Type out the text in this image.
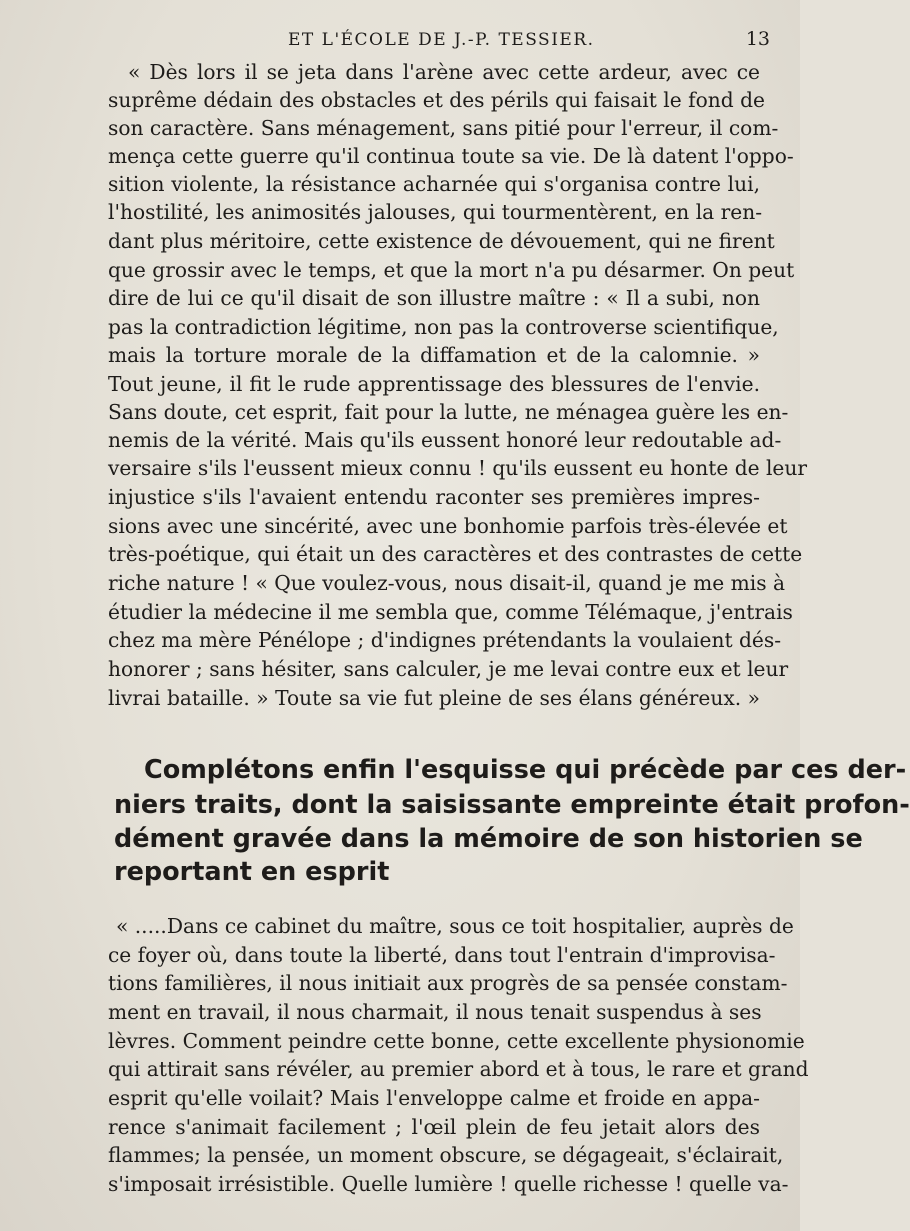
ET L'ÉCOLE DE J.-P. TESSIER.	13
« Dès lors il se jeta dans l'arène avec cette ardeur, avec ce
suprême dédain des obstacles et des périls qui faisait le fond de
son caractère. Sans ménagement, sans pitié pour l'erreur, il com-
mença cette guerre qu'il continua toute sa vie. De là datent l'oppo-
sition violente, la résistance acharnée qui s'organisa contre lui,
l'hostilité, les animosités jalouses, qui tourmentèrent, en la ren-
dant plus méritoire, cette existence de dévouement, qui ne firent
que grossir avec le temps, et que la mort n'a pu désarmer. On peut
dire de lui ce qu'il disait de son illustre maître : « Il a subi, non
pas la contradiction légitime, non pas la controverse scientifique,
mais la torture morale de la diffamation et de la calomnie. »
Tout jeune, il fit le rude apprentissage des blessures de l'envie.
Sans doute, cet esprit, fait pour la lutte, ne ménagea guère les en-
nemis de la vérité. Mais qu'ils eussent honoré leur redoutable ad-
versaire s'ils l'eussent mieux connu ! qu'ils eussent eu honte de leur
injustice s'ils l'avaient entendu raconter ses premières impres-
sions avec une sincérité, avec une bonhomie parfois très-élevée et
très-poétique, qui était un des caractères et des contrastes de cette
riche nature ! « Que voulez-vous, nous disait-il, quand je me mis à
étudier la médecine il me sembla que, comme Télémaque, j'entrais
chez ma mère Pénélope ; d'indignes prétendants la voulaient dés-
honorer ; sans hésiter, sans calculer, je me levai contre eux et leur
livrai bataille. » Toute sa vie fut pleine de ses élans généreux. »
Complétons enfin l'esquisse qui précède par ces der-
niers traits, dont la saisissante empreinte était profon-
dément gravée dans la mémoire de son historien se
reportant en esprit
« .....Dans ce cabinet du maître, sous ce toit hospitalier, auprès de
ce foyer où, dans toute la liberté, dans tout l'entrain d'improvisa-
tions familières, il nous initiait aux progrès de sa pensée constam-
ment en travail, il nous charmait, il nous tenait suspendus à ses
lèvres. Comment peindre cette bonne, cette excellente physionomie
qui attirait sans révéler, au premier abord et à tous, le rare et grand
esprit qu'elle voilait? Mais l'enveloppe calme et froide en appa-
rence s'animait facilement ; l'œil plein de feu jetait alors des
flammes; la pensée, un moment obscure, se dégageait, s'éclairait,
s'imposait irrésistible. Quelle lumière ! quelle richesse ! quelle va-
